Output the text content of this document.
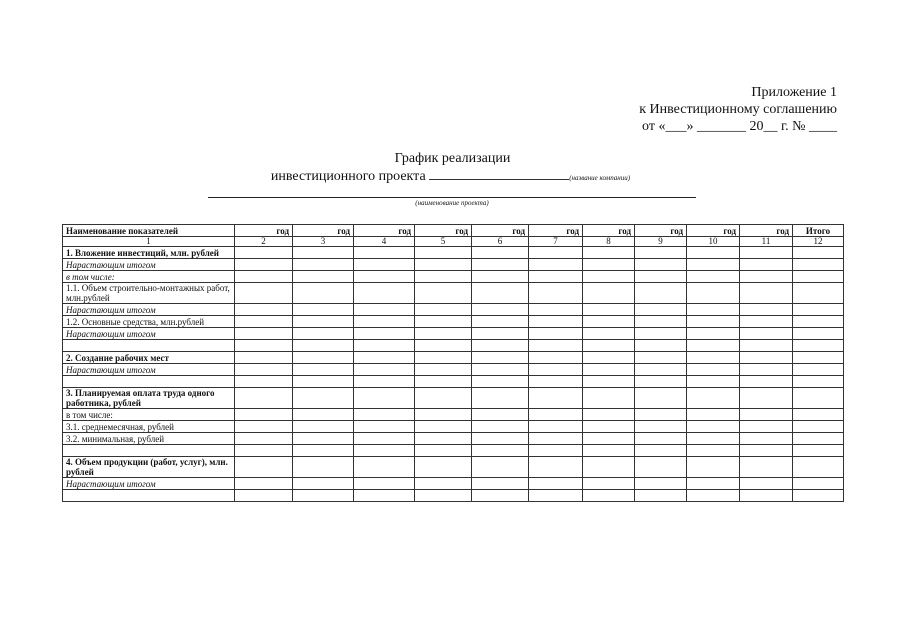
Приложение 1
к Инвестиционному соглашению
от «___» _______ 20__ г. № ____
График реализации
инвестиционного проекта	(название компании)
(наименование проекта)
Наименование показателей	год	год	год	год	год	год	год	год	год	год	Итого
1	2	3	4	5	6	7	8	9	10	11	12
1. Вложение инвестиций, млн. рублей											
Нарастающим итогом											
в том числе:											
1.1. Объем строительно-монтажных работ, млн.рублей											
Нарастающим итогом											
1.2. Основные средства, млн.рублей											
Нарастающим итогом											

2. Создание рабочих мест											
Нарастающим итогом											

3. Планируемая оплата труда одного работника, рублей											
в том числе:											
3.1. среднемесячная, рублей											
3.2. минимальная, рублей											

4. Объем продукции (работ, услуг), млн. рублей											
Нарастающим итогом											
